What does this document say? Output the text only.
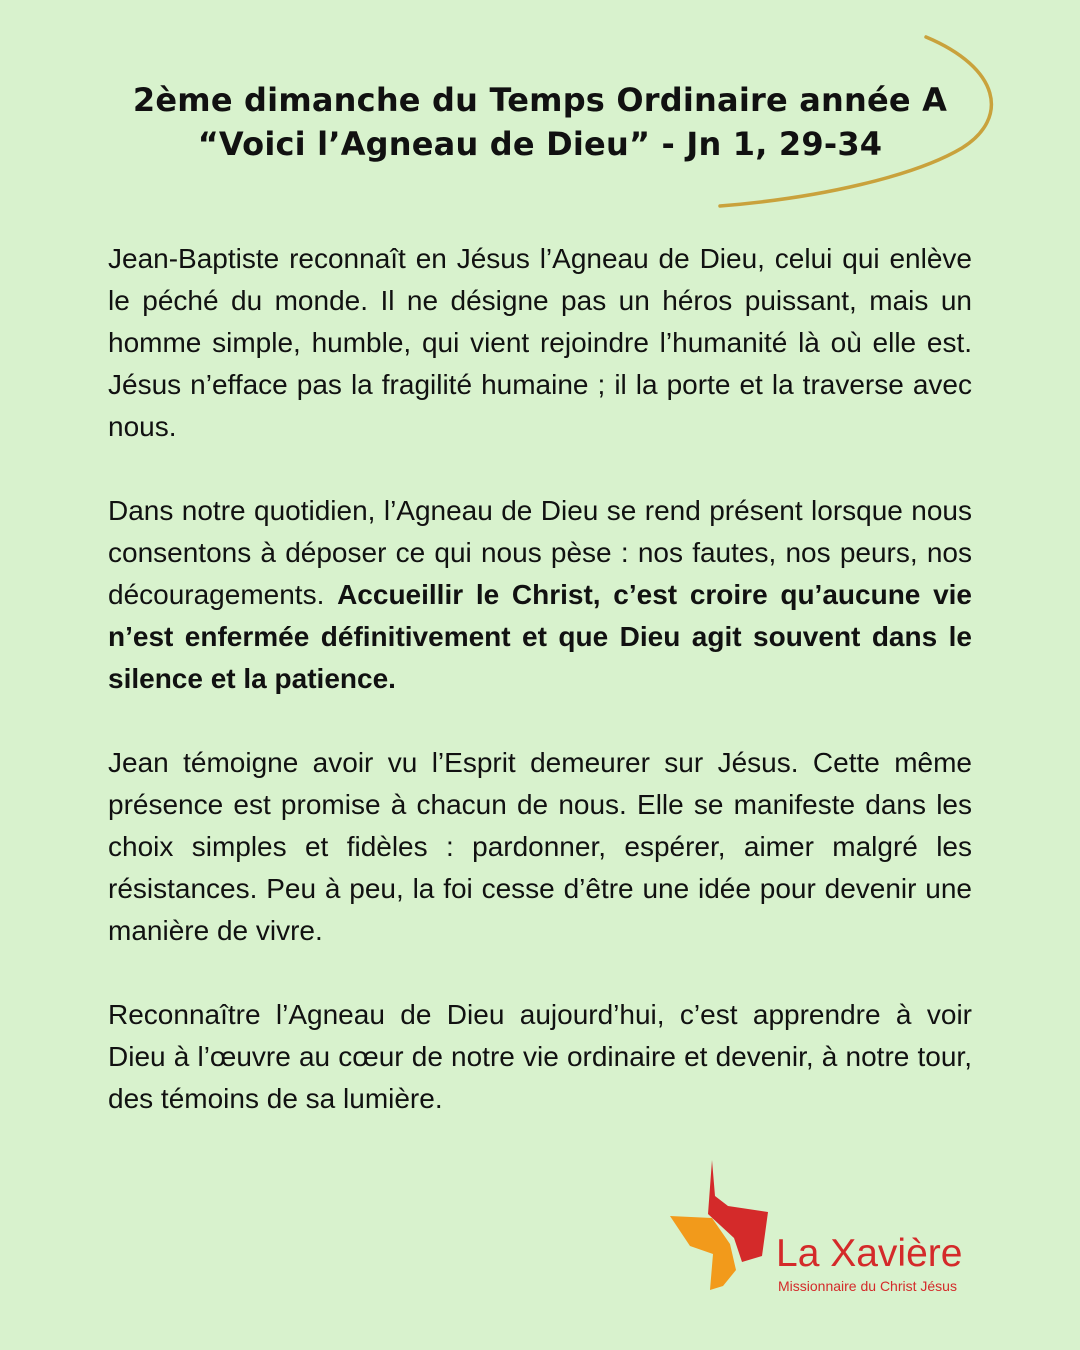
2ème dimanche du Temps Ordinaire année A
“Voici l’Agneau de Dieu” - Jn 1, 29-34

Jean-Baptiste reconnaît en Jésus l’Agneau de Dieu, celui qui enlève le péché du monde. Il ne désigne pas un héros puissant, mais un homme simple, humble, qui vient rejoindre l’humanité là où elle est. Jésus n’efface pas la fragilité humaine ; il la porte et la traverse avec nous.

Dans notre quotidien, l’Agneau de Dieu se rend présent lorsque nous consentons à déposer ce qui nous pèse : nos fautes, nos peurs, nos découragements. Accueillir le Christ, c’est croire qu’aucune vie n’est enfermée définitivement et que Dieu agit souvent dans le silence et la patience.

Jean témoigne avoir vu l’Esprit demeurer sur Jésus. Cette même présence est promise à chacun de nous. Elle se manifeste dans les choix simples et fidèles : pardonner, espérer, aimer malgré les résistances. Peu à peu, la foi cesse d’être une idée pour devenir une manière de vivre.

Reconnaître l’Agneau de Dieu aujourd’hui, c’est apprendre à voir Dieu à l’œuvre au cœur de notre vie ordinaire et devenir, à notre tour, des témoins de sa lumière.

La Xavière
Missionnaire du Christ Jésus
